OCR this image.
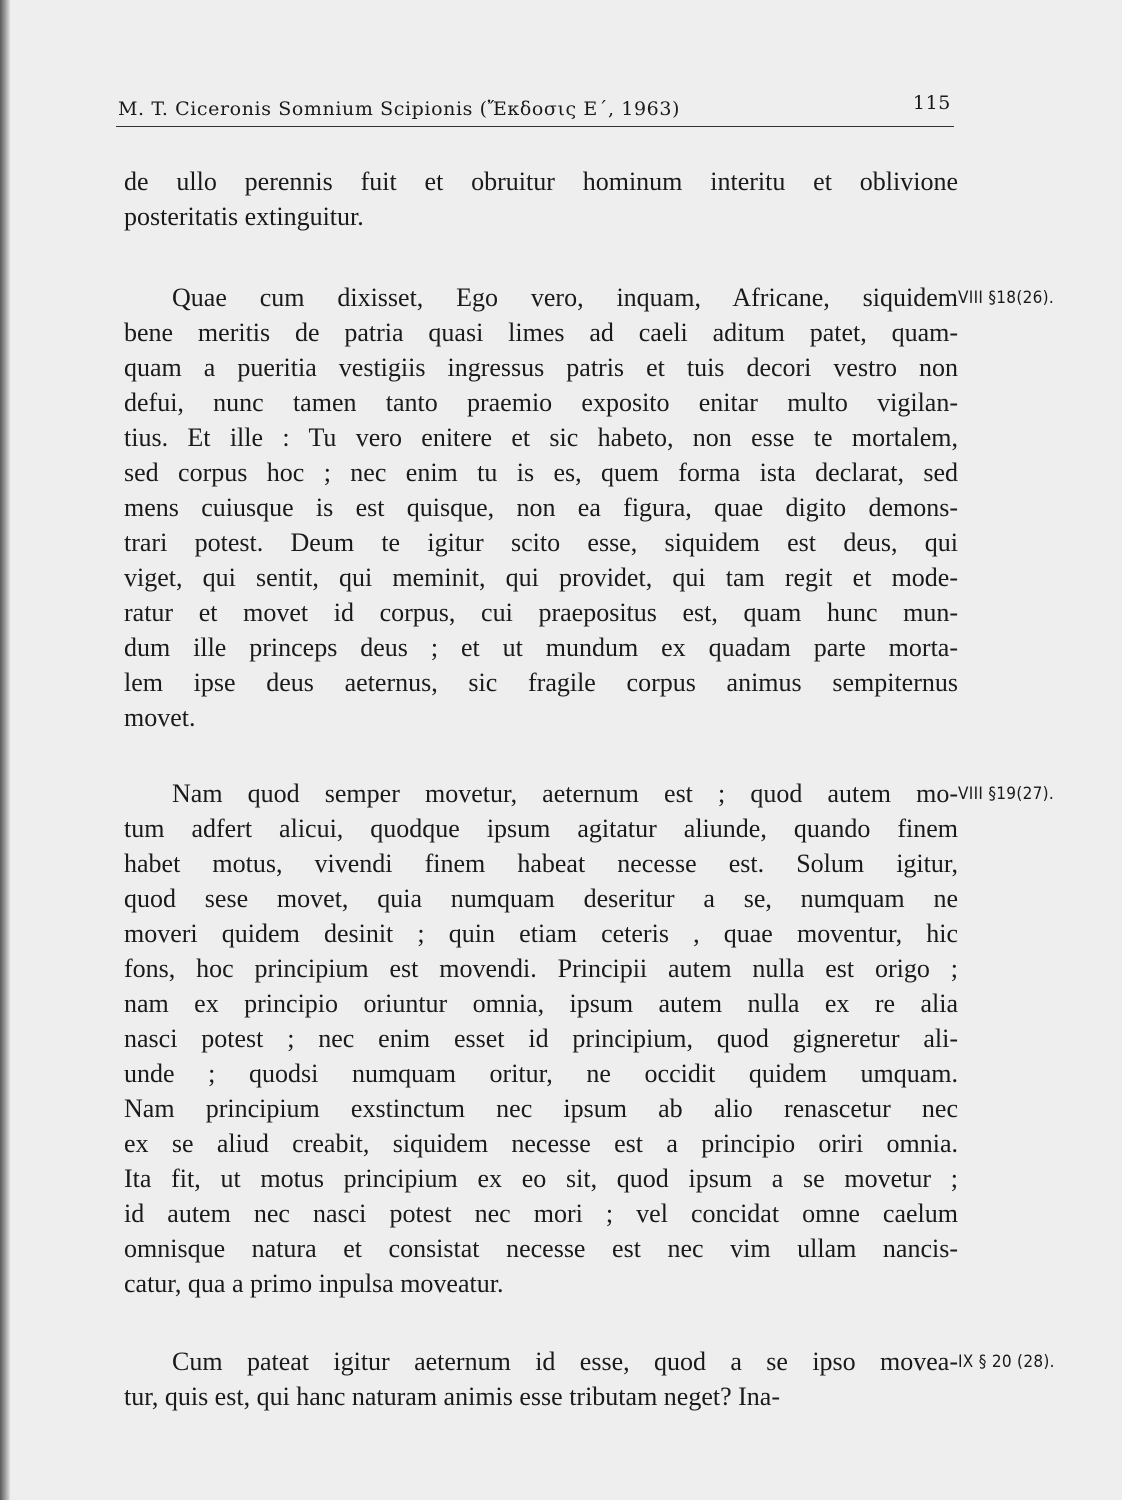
M. T. Ciceronis Somnium Scipionis (Ἔκδοσις Ε΄, 1963)	115
de ullo perennis fuit et obruitur hominum interitu et oblivione
posteritatis extinguitur.
VIII §18(26).
Quae cum dixisset, Ego vero, inquam, Africane, siquidem
bene meritis de patria quasi limes ad caeli aditum patet, quam-
quam a pueritia vestigiis ingressus patris et tuis decori vestro non
defui, nunc tamen tanto praemio exposito enitar multo vigilan-
tius. Et ille : Tu vero enitere et sic habeto, non esse te mortalem,
sed corpus hoc ; nec enim tu is es, quem forma ista declarat, sed
mens cuiusque is est quisque, non ea figura, quae digito demons-
trari potest. Deum te igitur scito esse, siquidem est deus, qui
viget, qui sentit, qui meminit, qui providet, qui tam regit et mode-
ratur et movet id corpus, cui praepositus est, quam hunc mun-
dum ille princeps deus ; et ut mundum ex quadam parte morta-
lem ipse deus aeternus, sic fragile corpus animus sempiternus
movet.
VIII §19(27).
Nam quod semper movetur, aeternum est ; quod autem mo-
tum adfert alicui, quodque ipsum agitatur aliunde, quando finem
habet motus, vivendi finem habeat necesse est. Solum igitur,
quod sese movet, quia numquam deseritur a se, numquam ne
moveri quidem desinit ; quin etiam ceteris , quae moventur, hic
fons, hoc principium est movendi. Principii autem nulla est origo ;
nam ex principio oriuntur omnia, ipsum autem nulla ex re alia
nasci potest ; nec enim esset id principium, quod gigneretur ali-
unde ; quodsi numquam oritur, ne occidit quidem umquam.
Nam principium exstinctum nec ipsum ab alio renascetur nec
ex se aliud creabit, siquidem necesse est a principio oriri omnia.
Ita fit, ut motus principium ex eo sit, quod ipsum a se movetur ;
id autem nec nasci potest nec mori ; vel concidat omne caelum
omnisque natura et consistat necesse est nec vim ullam nancis-
catur, qua a primo inpulsa moveatur.
IX § 20 (28).
Cum pateat igitur aeternum id esse, quod a se ipso movea-
tur, quis est, qui hanc naturam animis esse tributam neget? Ina-
